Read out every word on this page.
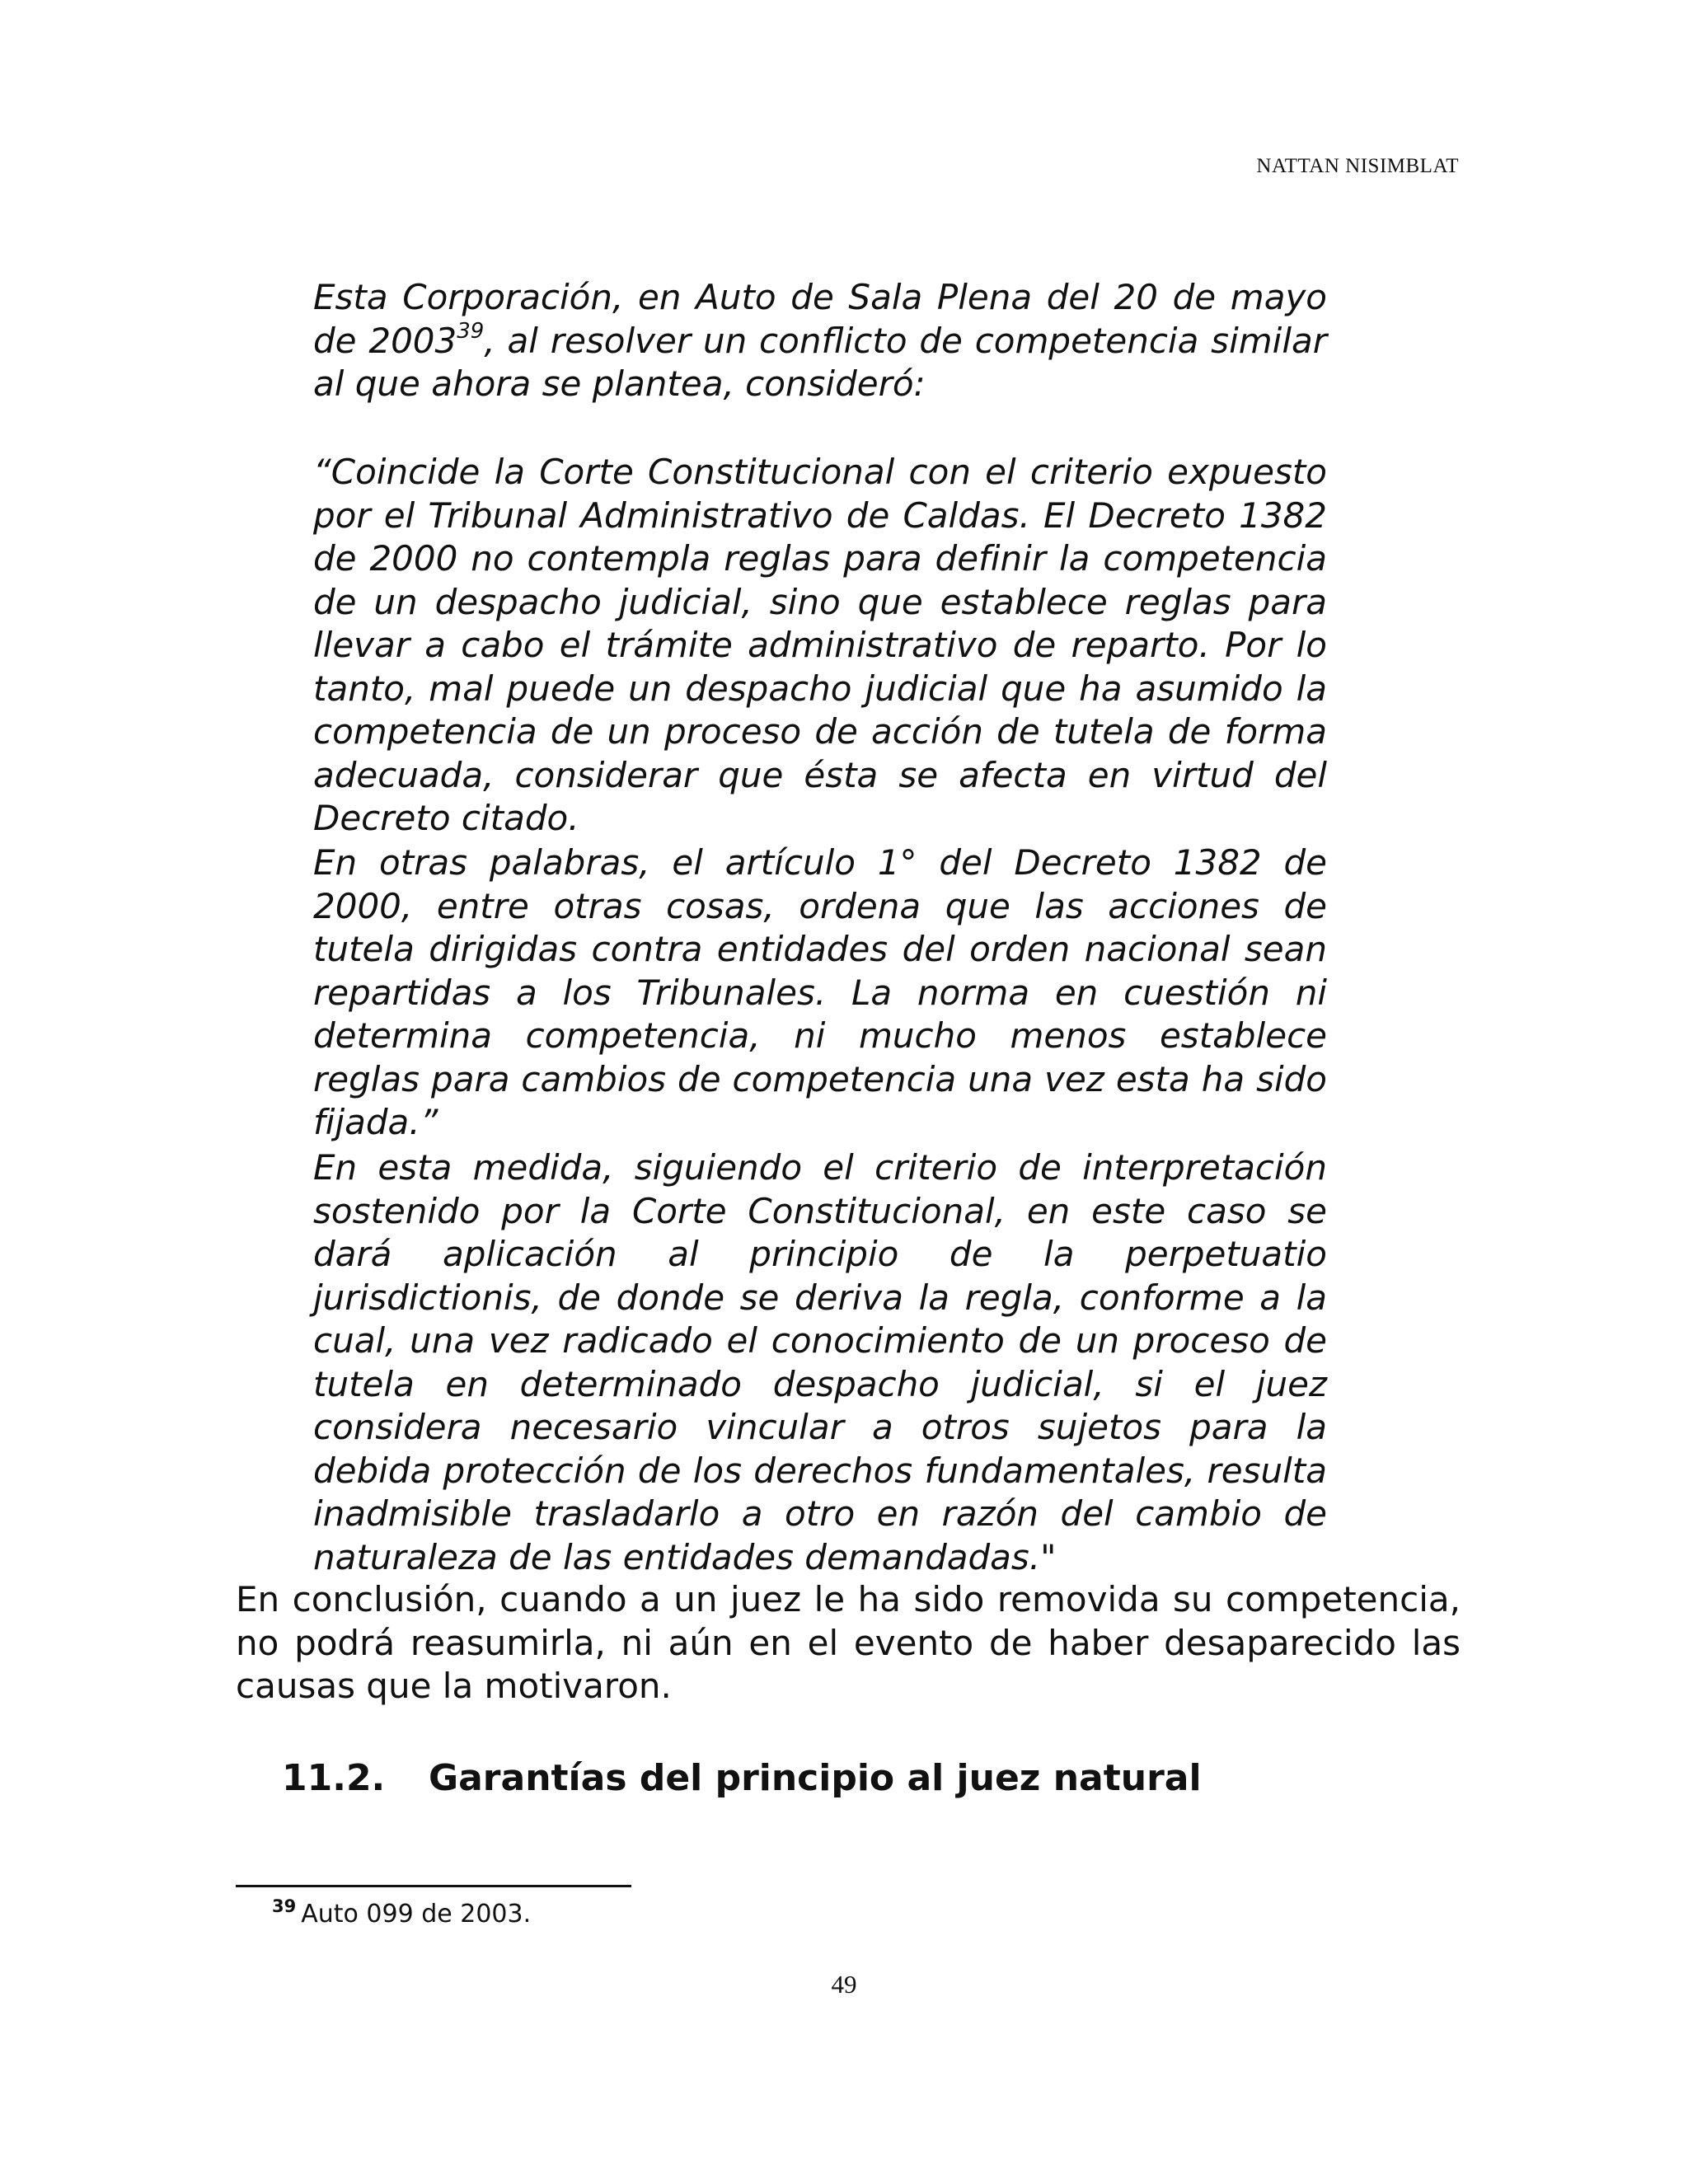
NATTAN NISIMBLAT

Esta Corporación, en Auto de Sala Plena del 20 de mayo de 2003$^{39}$, al resolver un conflicto de competencia similar al que ahora se plantea, consideró:

“Coincide la Corte Constitucional con el criterio expuesto por el Tribunal Administrativo de Caldas. El Decreto 1382 de 2000 no contempla reglas para definir la competencia de un despacho judicial, sino que establece reglas para llevar a cabo el trámite administrativo de reparto. Por lo tanto, mal puede un despacho judicial que ha asumido la competencia de un proceso de acción de tutela de forma adecuada, considerar que ésta se afecta en virtud del Decreto citado.

En otras palabras, el artículo 1° del Decreto 1382 de 2000, entre otras cosas, ordena que las acciones de tutela dirigidas contra entidades del orden nacional sean repartidas a los Tribunales. La norma en cuestión ni determina competencia, ni mucho menos establece reglas para cambios de competencia una vez esta ha sido fijada.”

En esta medida, siguiendo el criterio de interpretación sostenido por la Corte Constitucional, en este caso se dará aplicación al principio de la perpetuatio jurisdictionis, de donde se deriva la regla, conforme a la cual, una vez radicado el conocimiento de un proceso de tutela en determinado despacho judicial, si el juez considera necesario vincular a otros sujetos para la debida protección de los derechos fundamentales, resulta inadmisible trasladarlo a otro en razón del cambio de naturaleza de las entidades demandadas."

En conclusión, cuando a un juez le ha sido removida su competencia, no podrá reasumirla, ni aún en el evento de haber desaparecido las causas que la motivaron.

11.2. Garantías del principio al juez natural
$^{39}$ Auto 099 de 2003.
49
